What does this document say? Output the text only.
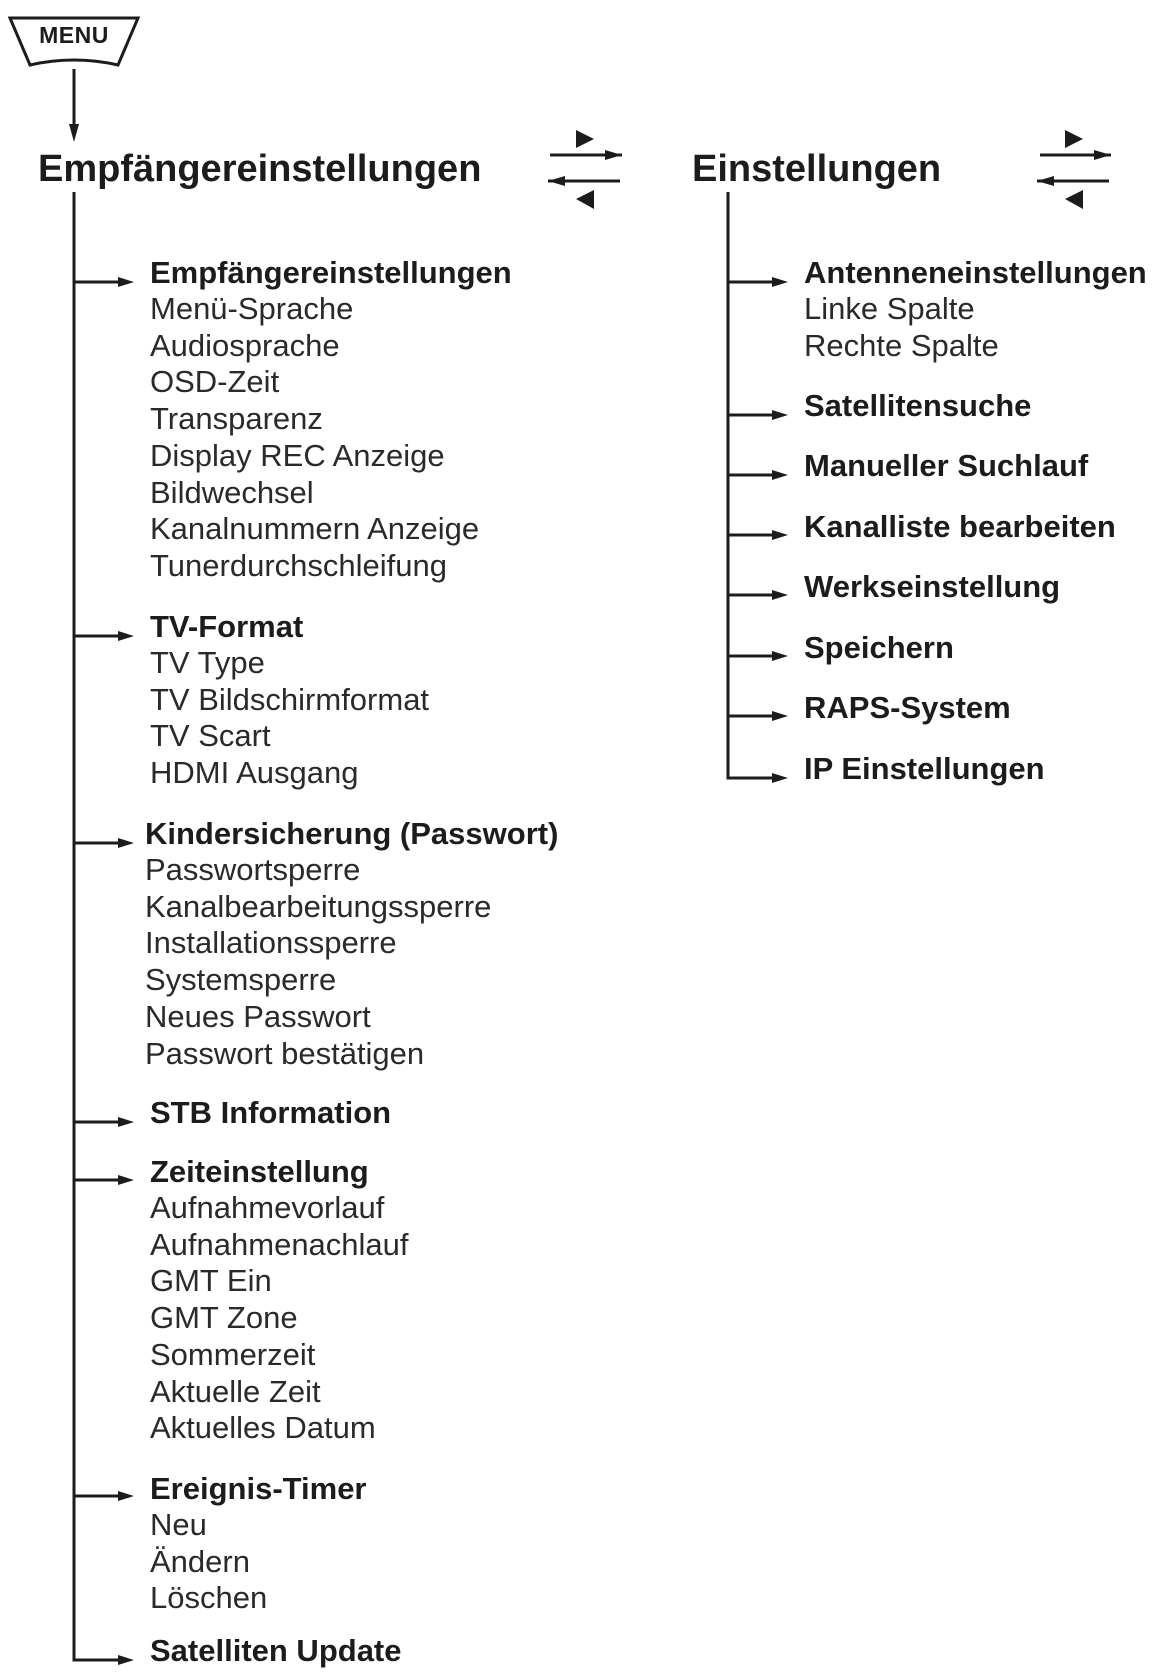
MENU
Empfängereinstellungen	Einstellungen
Empfängereinstellungen
Menü-Sprache
Audiosprache
OSD-Zeit
Transparenz
Display REC Anzeige
Bildwechsel
Kanalnummern Anzeige
Tunerdurchschleifung
TV-Format
TV Type
TV Bildschirmformat
TV Scart
HDMI Ausgang
Kindersicherung (Passwort)
Passwortsperre
Kanalbearbeitungssperre
Installationssperre
Systemsperre
Neues Passwort
Passwort bestätigen
STB Information
Zeiteinstellung
Aufnahmevorlauf
Aufnahmenachlauf
GMT Ein
GMT Zone
Sommerzeit
Aktuelle Zeit
Aktuelles Datum
Ereignis-Timer
Neu
Ändern
Löschen
Satelliten Update
Antenneneinstellungen
Linke Spalte
Rechte Spalte
Satellitensuche
Manueller Suchlauf
Kanalliste bearbeiten
Werkseinstellung
Speichern
RAPS-System
IP Einstellungen
